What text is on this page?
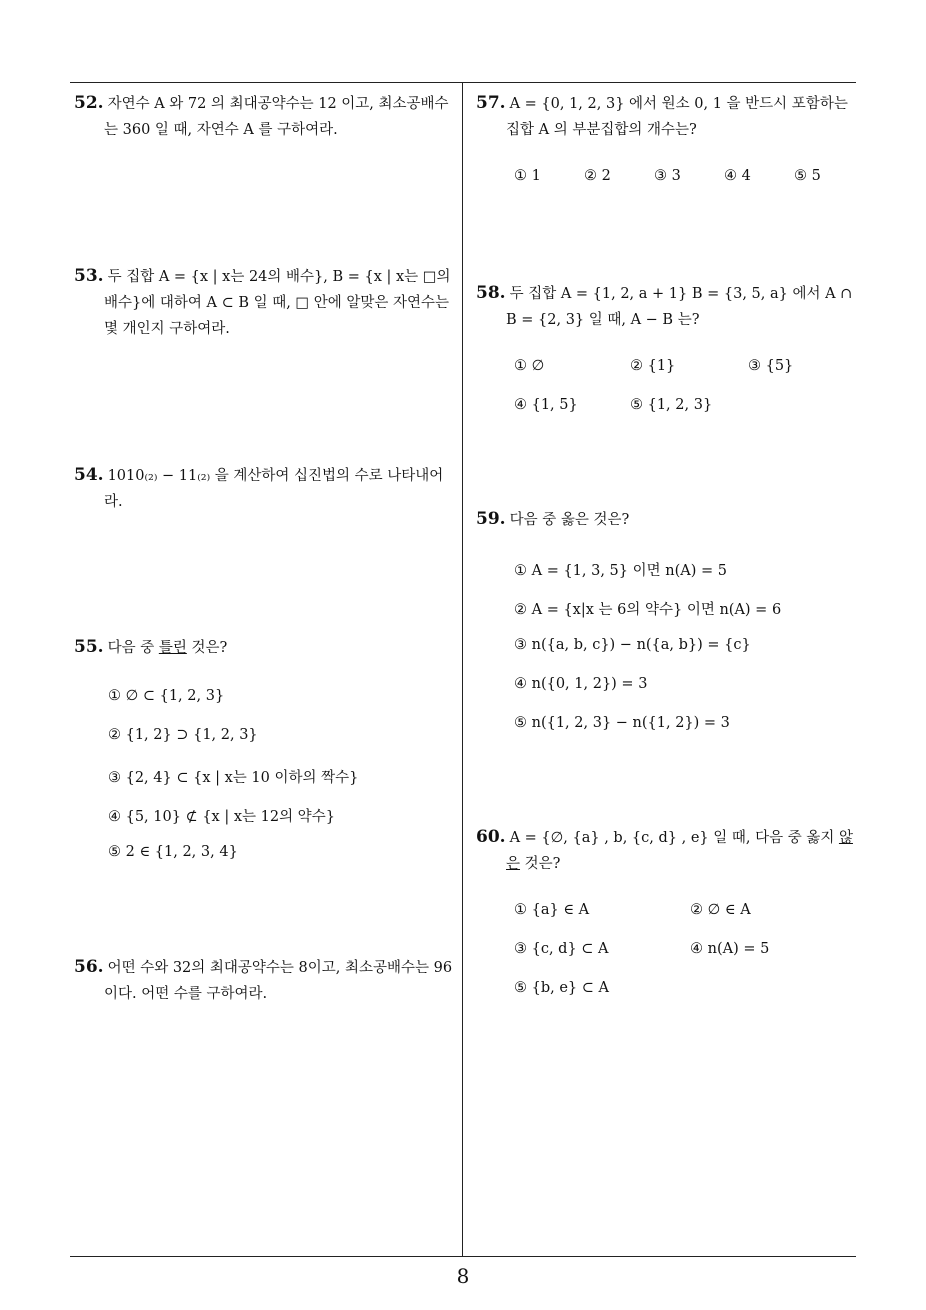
52. 자연수 A 와 72 의 최대공약수는 12 이고, 최소공배수는 360 일 때, 자연수 A 를 구하여라.
53. 두 집합 A = {x | x는 24의 배수}, B = {x | x는 □의 배수}에 대하여 A ⊂ B 일 때, □ 안에 알맞은 자연수는 몇 개인지 구하여라.
54. 1010₍₂₎ − 11₍₂₎ 을 계산하여 십진법의 수로 나타내어라.
55. 다음 중 틀린 것은?
① ∅ ⊂ {1, 2, 3}
② {1, 2} ⊃ {1, 2, 3}
③ {2, 4} ⊂ {x | x는 10 이하의 짝수}
④ {5, 10} ⊄ {x | x는 12의 약수}
⑤ 2 ∈ {1, 2, 3, 4}
56. 어떤 수와 32의 최대공약수는 8이고, 최소공배수는 96이다. 어떤 수를 구하여라.
57. A = {0, 1, 2, 3} 에서 원소 0, 1 을 반드시 포함하는 집합 A 의 부분집합의 개수는?
① 1	② 2	③ 3	④ 4	⑤ 5
58. 두 집합 A = {1, 2, a + 1} B = {3, 5, a} 에서 A ∩ B = {2, 3} 일 때, A − B 는?
① ∅	② {1}	③ {5}
④ {1, 5}	⑤ {1, 2, 3}
59. 다음 중 옳은 것은?
① A = {1, 3, 5} 이면 n(A) = 5
② A = {x|x 는 6의 약수} 이면 n(A) = 6
③ n({a, b, c}) − n({a, b}) = {c}
④ n({0, 1, 2}) = 3
⑤ n({1, 2, 3} − n({1, 2}) = 3
60. A = {∅, {a} , b, {c, d} , e} 일 때, 다음 중 옳지 않은 것은?
① {a} ∈ A	② ∅ ∈ A
③ {c, d} ⊂ A	④ n(A) = 5
⑤ {b, e} ⊂ A
8
